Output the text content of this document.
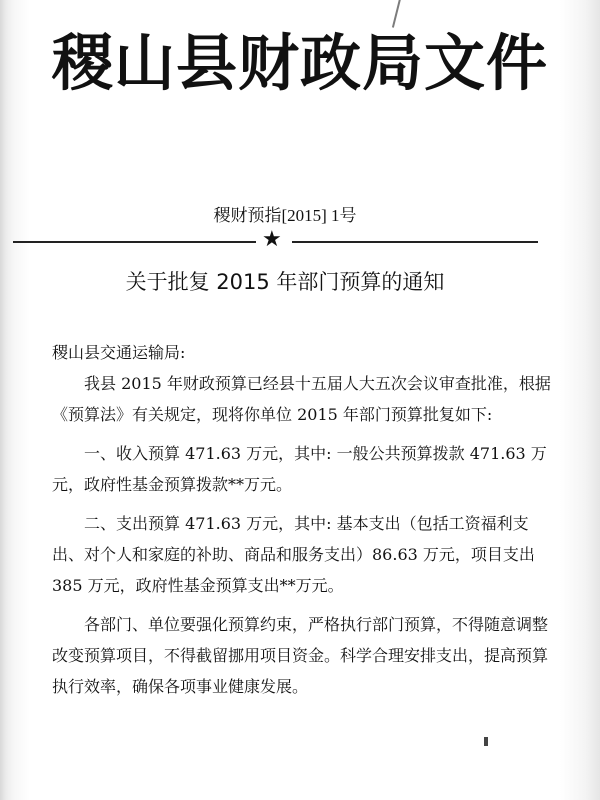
稷山县财政局文件
稷财预指[2015] 1号
★
关于批复 2015 年部门预算的通知

稷山县交通运输局:

我县 2015 年财政预算已经县十五届人大五次会议审查批准，根据《预算法》有关规定，现将你单位 2015 年部门预算批复如下:

一、收入预算 471.63 万元，其中: 一般公共预算拨款 471.63 万元，政府性基金预算拨款**万元。

二、支出预算 471.63 万元，其中: 基本支出（包括工资福利支出、对个人和家庭的补助、商品和服务支出）86.63 万元，项目支出 385 万元，政府性基金预算支出**万元。

各部门、单位要强化预算约束，严格执行部门预算，不得随意调整改变预算项目，不得截留挪用项目资金。科学合理安排支出，提高预算执行效率，确保各项事业健康发展。
